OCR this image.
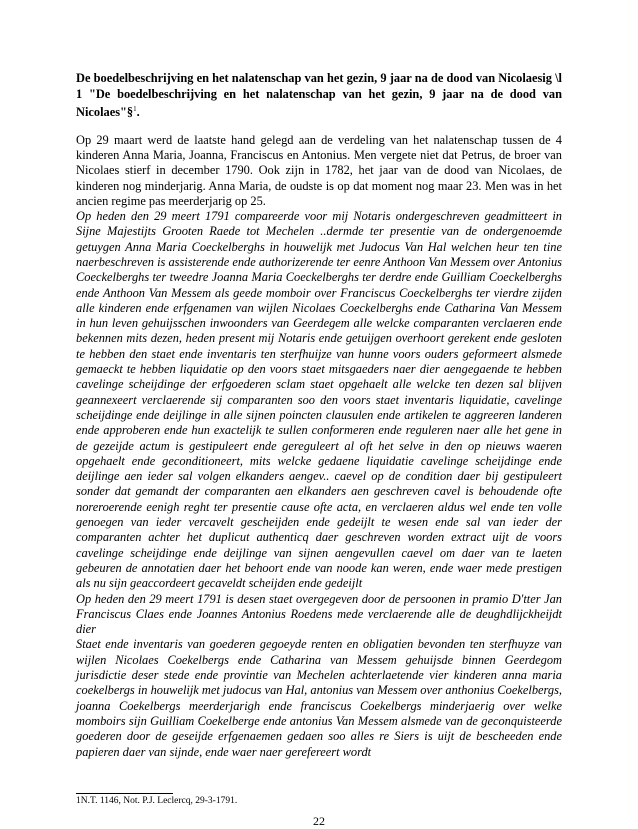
De boedelbeschrijving en het nalatenschap van het gezin, 9 jaar na de dood van Nicolaesig \l 1 "De boedelbeschrijving en het nalatenschap van het gezin, 9 jaar na de dood van Nicolaes"§$^1$.

Op 29 maart werd de laatste hand gelegd aan de verdeling van het nalatenschap tussen de 4 kinderen Anna Maria, Joanna, Franciscus en Antonius. Men vergete niet dat Petrus, de broer van Nicolaes stierf in december 1790. Ook zijn in 1782, het jaar van de dood van Nicolaes, de kinderen nog minderjarig. Anna Maria, de oudste is op dat moment nog maar 23. Men was in het ancien regime pas meerderjarig op 25.

Op heden den 29 meert 1791 compareerde voor mij Notaris ondergeschreven geadmitteert in Sijne Majestijts Grooten Raede tot Mechelen ..dermde ter presentie van de ondergenoemde getuygen Anna Maria Coeckelberghs in houwelijk met Judocus Van Hal welchen heur ten tine naerbeschreven is assisterende ende authorizerende ter eenre Anthoon Van Messem over Antonius Coeckelberghs ter tweedre Joanna Maria Coeckelberghs ter derdre ende Guilliam Coeckelberghs ende Anthoon Van Messem als geede momboir over Franciscus Coeckelberghs ter vierdre zijden alle kinderen ende erfgenamen van wijlen Nicolaes Coeckelberghs ende Catharina Van Messem in hun leven gehuijsschen inwoonders van Geerdegem alle welcke comparanten verclaeren ende bekennen mits dezen, heden present mij Notaris ende getuijgen overhoort gerekent ende gesloten te hebben den staet ende inventaris ten sterfhuijze van hunne voors ouders geformeert alsmede gemaeckt te hebben liquidatie op den voors staet mitsgaeders naer dier aengegaende te hebben cavelinge scheijdinge der erfgoederen sclam staet opgehaelt alle welcke ten dezen sal blijven geannexeert verclaerende sij comparanten soo den voors staet inventaris liquidatie, cavelinge scheijdinge ende deijlinge in alle sijnen poincten clausulen ende artikelen te aggreeren landeren ende approberen ende hun exactelijk te sullen conformeren ende reguleren naer alle het gene in de gezeijde actum is gestipuleert ende gereguleert al oft het selve in den op nieuws waeren opgehaelt ende geconditioneert, mits welcke gedaene liquidatie cavelinge scheijdinge ende deijlinge aen ieder sal volgen elkanders aengev.. caevel op de condition daer bij gestipuleert sonder dat gemandt der comparanten aen elkanders aen geschreven cavel is behoudende ofte noreroerende eenigh reght ter presentie cause ofte acta, en verclaeren aldus wel ende ten volle genoegen van ieder vercavelt gescheijden ende gedeijlt te wesen ende sal van ieder der comparanten achter het duplicut authenticq daer geschreven worden extract uijt de voors cavelinge scheijdinge ende deijlinge van sijnen aengevullen caevel om daer van te laeten gebeuren de annotatien daer het behoort ende van noode kan weren, ende waer mede prestigen als nu sijn geaccordeert gecaveldt scheijden ende gedeijlt

Op heden den 29 meert 1791 is desen staet overgegeven door de persoonen in pramio D'tter Jan Franciscus Claes ende Joannes Antonius Roedens mede verclaerende alle de deughdlijckheijdt dier

Staet ende inventaris van goederen gegoeyde renten en obligatien bevonden ten sterfhuyze van wijlen Nicolaes Coekelbergs ende Catharina van Messem gehuijsde binnen Geerdegom jurisdictie deser stede ende provintie van Mechelen achterlaetende vier kinderen anna maria coekelbergs in houwelijk met judocus van Hal, antonius van Messem over anthonius Coekelbergs, joanna Coekelbergs meerderjarigh ende franciscus Coekelbergs minderjaerig over welke momboirs sijn Guilliam Coekelberge ende antonius Van Messem alsmede van de geconquisteerde goederen door de geseijde erfgenaemen gedaen soo alles re Siers is uijt de bescheeden ende papieren daer van sijnde, ende waer naer gerefereert wordt

1N.T. 1146, Not. P.J. Leclercq, 29-3-1791.
22
